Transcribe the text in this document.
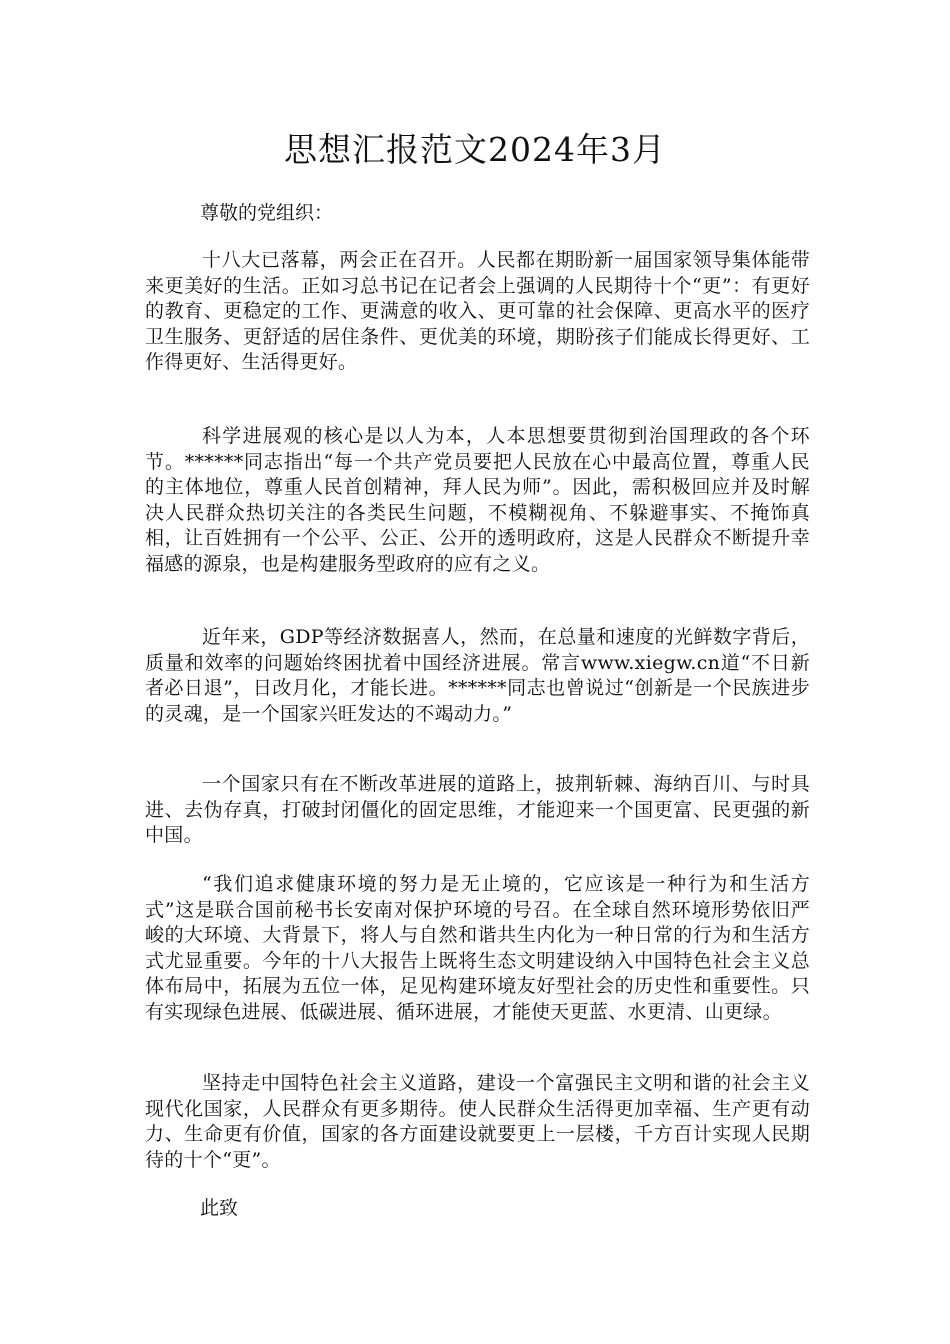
思想汇报范文2024年3月

尊敬的党组织：

十八大已落幕，两会正在召开。人民都在期盼新一届国家领导集体能带来更美好的生活。正如习总书记在记者会上强调的人民期待十个“更”：有更好的教育、更稳定的工作、更满意的收入、更可靠的社会保障、更高水平的医疗卫生服务、更舒适的居住条件、更优美的环境，期盼孩子们能成长得更好、工作得更好、生活得更好。

科学进展观的核心是以人为本，人本思想要贯彻到治国理政的各个环节。******同志指出“每一个共产党员要把人民放在心中最高位置，尊重人民的主体地位，尊重人民首创精神，拜人民为师”。因此，需积极回应并及时解决人民群众热切关注的各类民生问题，不模糊视角、不躲避事实、不掩饰真相，让百姓拥有一个公平、公正、公开的透明政府，这是人民群众不断提升幸福感的源泉，也是构建服务型政府的应有之义。

近年来，GDP等经济数据喜人，然而，在总量和速度的光鲜数字背后，质量和效率的问题始终困扰着中国经济进展。常言www.xiegw.cn道“不日新者必日退”，日改月化，才能长进。******同志也曾说过“创新是一个民族进步的灵魂，是一个国家兴旺发达的不竭动力。”

一个国家只有在不断改革进展的道路上，披荆斩棘、海纳百川、与时具进、去伪存真，打破封闭僵化的固定思维，才能迎来一个国更富、民更强的新中国。

“我们追求健康环境的努力是无止境的，它应该是一种行为和生活方式”这是联合国前秘书长安南对保护环境的号召。在全球自然环境形势依旧严峻的大环境、大背景下，将人与自然和谐共生内化为一种日常的行为和生活方式尤显重要。今年的十八大报告上既将生态文明建设纳入中国特色社会主义总体布局中，拓展为五位一体，足见构建环境友好型社会的历史性和重要性。只有实现绿色进展、低碳进展、循环进展，才能使天更蓝、水更清、山更绿。

坚持走中国特色社会主义道路，建设一个富强民主文明和谐的社会主义现代化国家，人民群众有更多期待。使人民群众生活得更加幸福、生产更有动力、生命更有价值，国家的各方面建设就要更上一层楼，千方百计实现人民期待的十个“更”。

此致
